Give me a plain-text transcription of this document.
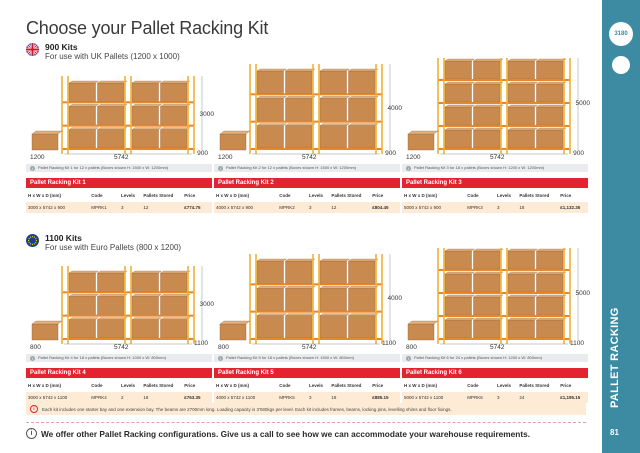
Choose your Pallet Racking Kit
900 Kits
For use with UK Pallets (1200 x 1000)
1100 Kits
For use with Euro Pallets (800 x 1200)
3000
5742
900
1200
i	Pallet Racking Kit 1 for 12 x pallets (Boxes shown H: 1500 x W: 1200mm)
Pallet Racking Kit 1
H x W x D (mm)	Code	Levels	Pallets Stored	Price
3000 x 5742 x 900	MPRK1	3	12	£774.75
4000
5742
900
1200
i	Pallet Racking Kit 2 for 12 x pallets (Boxes shown H: 1500 x W: 1200mm)
Pallet Racking Kit 2
H x W x D (mm)	Code	Levels	Pallets Stored	Price
4000 x 5742 x 900	MPRK2	3	12	£804.45
5000
5742
900
1200
i	Pallet Racking Kit 3 for 18 x pallets (Boxes shown H: 1200 x W: 1200mm)
Pallet Racking Kit 3
H x W x D (mm)	Code	Levels	Pallets Stored	Price
5000 x 5742 x 900	MPRK3	3	18	£1,132.35
3000
5742
1100
800
i	Pallet Racking Kit 4 for 18 x pallets (Boxes shown H: 1000 x W: 800mm)
Pallet Racking Kit 4
H x W x D (mm)	Code	Levels	Pallets Stored	Price
3000 x 5742 x 1100	MPRK4	2	18	£763.35
4000
5742
1100
800
i	Pallet Racking Kit 5 for 18 x pallets (Boxes shown H: 1500 x W: 800mm)
Pallet Racking Kit 5
H x W x D (mm)	Code	Levels	Pallets Stored	Price
4000 x 5742 x 1100	MPRK5	3	18	£885.15
5000
5742
1100
800
i	Pallet Racking Kit 6 for 24 x pallets (Boxes shown H: 1200 x W: 800mm)
Pallet Racking Kit 6
H x W x D (mm)	Code	Levels	Pallets Stored	Price
5000 x 5742 x 1100	MPRK6	3	24	£1,195.15
i	Each kit includes one starter bay and one extension bay. The beams are 2700mm long. Loading capacity is 3'080kgs per level. Each kit includes frames, beams, locking pins, levelling shims and floor fixings.
i	We offer other Pallet Racking configurations. Give us a call to see how we can accommodate your warehouse requirements.
3180
PALLET RACKING
81
